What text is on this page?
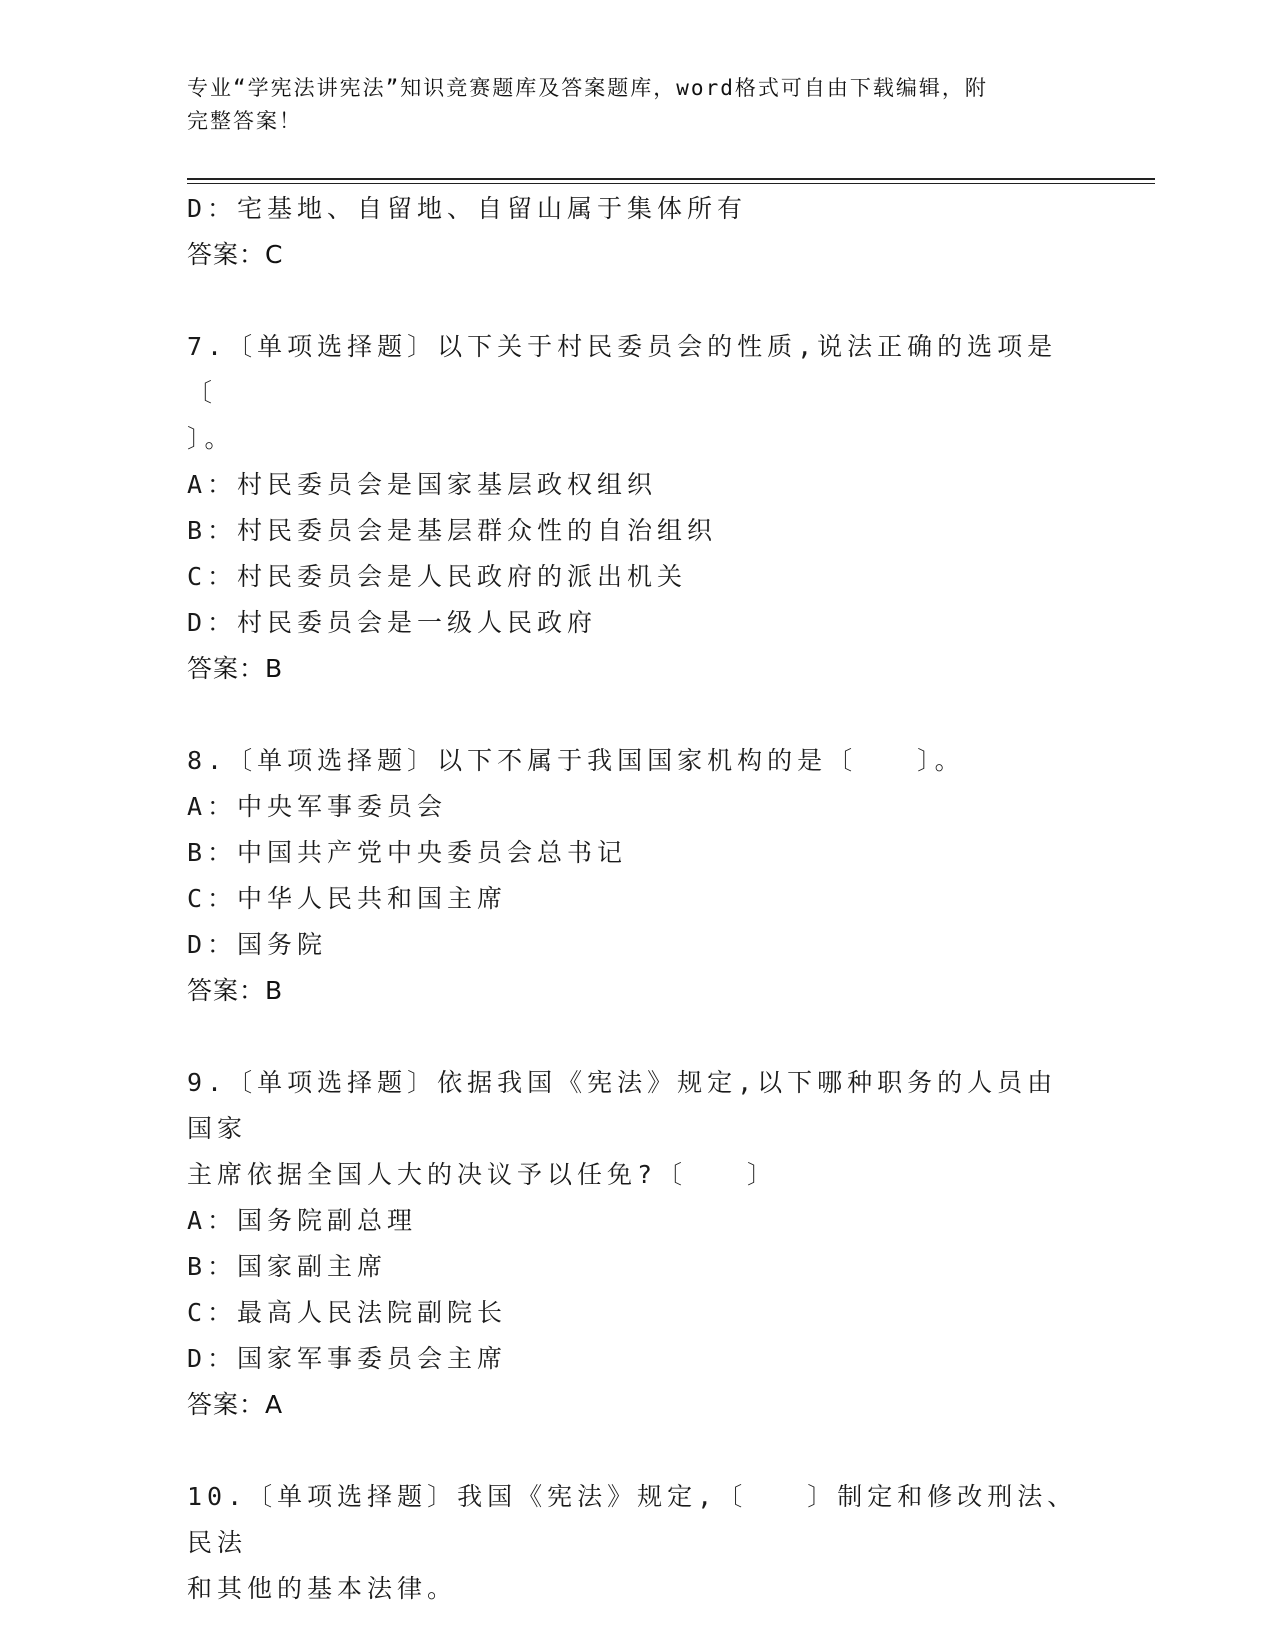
专业“学宪法讲宪法”知识竞赛题库及答案题库，word格式可自由下载编辑，附
完整答案！
D：宅基地、自留地、自留山属于集体所有
答案：C
7.〔单项选择题〕以下关于村民委员会的性质,说法正确的选项是〔
〕。
A：村民委员会是国家基层政权组织
B：村民委员会是基层群众性的自治组织
C：村民委员会是人民政府的派出机关
D：村民委员会是一级人民政府
答案：B
8.〔单项选择题〕以下不属于我国国家机构的是〔　　〕。
A：中央军事委员会
B：中国共产党中央委员会总书记
C：中华人民共和国主席
D：国务院
答案：B
9.〔单项选择题〕依据我国《宪法》规定,以下哪种职务的人员由国家
主席依据全国人大的决议予以任免?〔　　〕
A：国务院副总理
B：国家副主席
C：最高人民法院副院长
D：国家军事委员会主席
答案：A
10.〔单项选择题〕我国《宪法》规定,〔　　〕制定和修改刑法、民法
和其他的基本法律。
